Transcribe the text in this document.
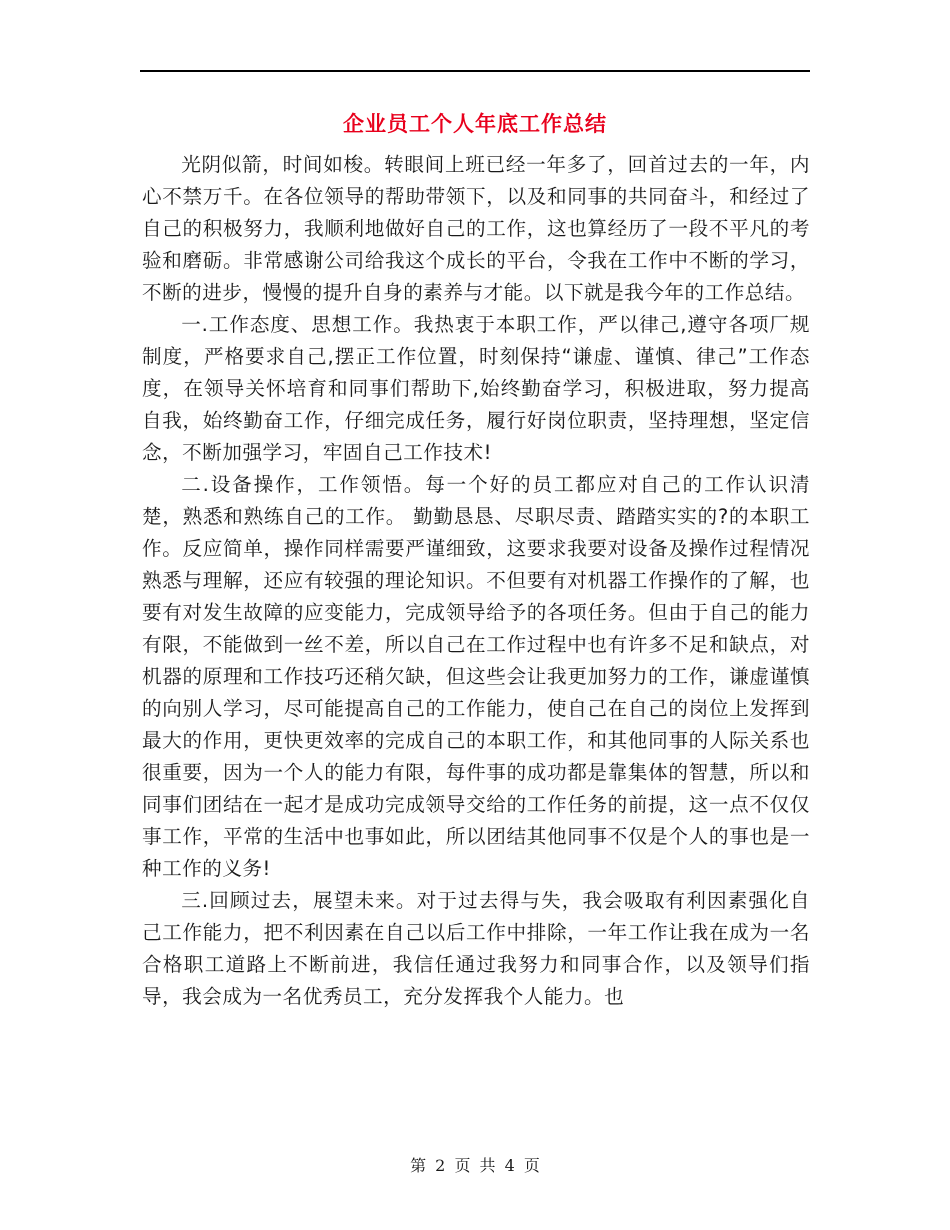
企业员工个人年底工作总结

光阴似箭，时间如梭。转眼间上班已经一年多了，回首过去的一年，内心不禁万千。在各位领导的帮助带领下，以及和同事的共同奋斗，和经过了自己的积极努力，我顺利地做好自己的工作，这也算经历了一段不平凡的考验和磨砺。非常感谢公司给我这个成长的平台，令我在工作中不断的学习，不断的进步，慢慢的提升自身的素养与才能。以下就是我今年的工作总结。

一.工作态度、思想工作。我热衷于本职工作，严以律己,遵守各项厂规制度，严格要求自己,摆正工作位置，时刻保持“谦虚、谨慎、律己”工作态度，在领导关怀培育和同事们帮助下,始终勤奋学习，积极进取，努力提高自我，始终勤奋工作，仔细完成任务，履行好岗位职责，坚持理想，坚定信念，不断加强学习，牢固自己工作技术!

二.设备操作，工作领悟。每一个好的员工都应对自己的工作认识清楚，熟悉和熟练自己的工作。 勤勤恳恳、尽职尽责、踏踏实实的?的本职工作。反应简单，操作同样需要严谨细致，这要求我要对设备及操作过程情况熟悉与理解，还应有较强的理论知识。不但要有对机器工作操作的了解，也要有对发生故障的应变能力，完成领导给予的各项任务。但由于自己的能力有限，不能做到一丝不差，所以自己在工作过程中也有许多不足和缺点，对机器的原理和工作技巧还稍欠缺，但这些会让我更加努力的工作，谦虚谨慎的向别人学习，尽可能提高自己的工作能力，使自己在自己的岗位上发挥到最大的作用，更快更效率的完成自己的本职工作，和其他同事的人际关系也很重要，因为一个人的能力有限，每件事的成功都是靠集体的智慧，所以和同事们团结在一起才是成功完成领导交给的工作任务的前提，这一点不仅仅事工作，平常的生活中也事如此，所以团结其他同事不仅是个人的事也是一种工作的义务!

三.回顾过去，展望未来。对于过去得与失，我会吸取有利因素强化自己工作能力，把不利因素在自己以后工作中排除，一年工作让我在成为一名合格职工道路上不断前进，我信任通过我努力和同事合作，以及领导们指导，我会成为一名优秀员工，充分发挥我个人能力。也

第 2 页 共 4 页
